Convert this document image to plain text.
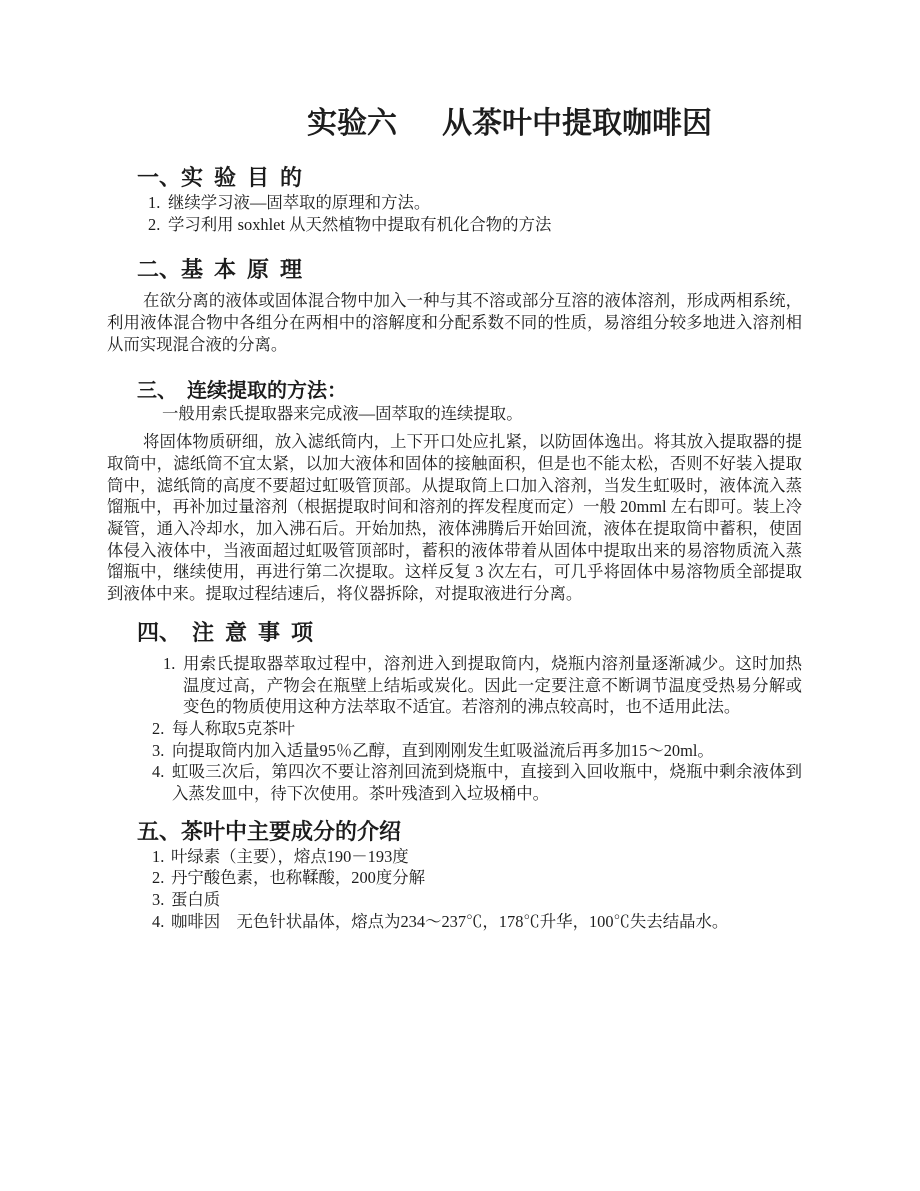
实验六　 从茶叶中提取咖啡因
一、实 验 目 的
1. 继续学习液—固萃取的原理和方法。
2. 学习利用 soxhlet 从天然植物中提取有机化合物的方法
二、基 本 原 理
在欲分离的液体或固体混合物中加入一种与其不溶或部分互溶的液体溶剂，形成两相系统，利用液体混合物中各组分在两相中的溶解度和分配系数不同的性质，易溶组分较多地进入溶剂相从而实现混合液的分离。
三、 连续提取的方法：
一般用索氏提取器来完成液—固萃取的连续提取。
将固体物质研细，放入滤纸筒内，上下开口处应扎紧，以防固体逸出。将其放入提取器的提取筒中，滤纸筒不宜太紧，以加大液体和固体的接触面积，但是也不能太松，否则不好装入提取筒中，滤纸筒的高度不要超过虹吸管顶部。从提取筒上口加入溶剂，当发生虹吸时，液体流入蒸馏瓶中，再补加过量溶剂（根据提取时间和溶剂的挥发程度而定）一般 20mml 左右即可。装上冷凝管，通入冷却水，加入沸石后。开始加热，液体沸腾后开始回流，液体在提取筒中蓄积，使固体侵入液体中，当液面超过虹吸管顶部时，蓄积的液体带着从固体中提取出来的易溶物质流入蒸馏瓶中，继续使用，再进行第二次提取。这样反复 3 次左右，可几乎将固体中易溶物质全部提取到液体中来。提取过程结速后，将仪器拆除，对提取液进行分离。
四、 注 意 事 项
1. 用索氏提取器萃取过程中，溶剂进入到提取筒内，烧瓶内溶剂量逐渐减少。这时加热温度过高，产物会在瓶壁上结垢或炭化。因此一定要注意不断调节温度受热易分解或变色的物质使用这种方法萃取不适宜。若溶剂的沸点较高时，也不适用此法。
2. 每人称取5克茶叶
3. 向提取筒内加入适量95％乙醇，直到刚刚发生虹吸溢流后再多加15～20ml。
4. 虹吸三次后，第四次不要让溶剂回流到烧瓶中，直接到入回收瓶中，烧瓶中剩余液体到入蒸发皿中，待下次使用。茶叶残渣到入垃圾桶中。
五、茶叶中主要成分的介绍
1. 叶绿素（主要），熔点190－193度
2. 丹宁酸色素，也称鞣酸，200度分解
3. 蛋白质
4. 咖啡因　无色针状晶体，熔点为234～237℃，178℃升华，100℃失去结晶水。
